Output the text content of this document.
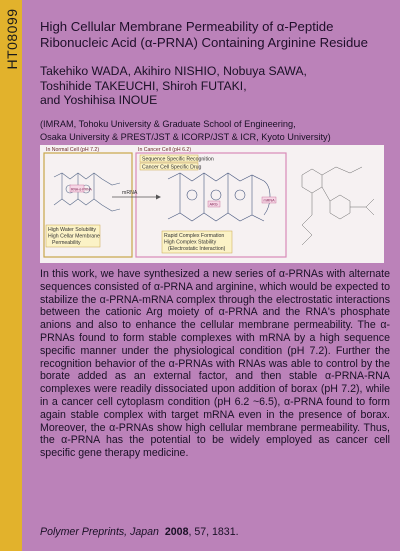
HT08099 High Cellular Membrane Permeability of α-Peptide
Ribonucleic Acid (α-PRNA) Containing Arginine Residue
Takehiko WADA, Akihiro NISHIO, Nobuya SAWA,
Toshihide TAKEUCHI, Shiroh FUTAKI,
and Yoshihisa INOUE
(IMRAM, Tohoku University & Graduate School of Engineering,
Osaka University & PREST/JST & ICORP/JST & ICR, Kyoto University)
In this work, we have synthesized a new series of α-PRNAs with alternate sequences consisted of α-PRNA and arginine, which would be expected to stabilize the α-PRNA-mRNA complex through the electrostatic interactions between the cationic Arg moiety of α-PRNA and the RNA's phosphate anions and also to enhance the cellular membrane permeability. The α-PRNAs found to form stable complexes with mRNA by a high sequence specific manner under the physiological condition (pH 7.2). Further the recognition behavior of the α-PRNAs with RNAs was able to control by the borate added as an external factor, and then stable α-PRNA-RNA complexes were readily dissociated upon addition of borax (pH 7.2), while in a cancer cell cytoplasm condition (pH 6.2 ~6.5), α-PRNA found to form again stable complex with target mRNA even in the presence of borax. Moreover, the α-PRNAs show high cellular membrane permeability. Thus, the α-PRNA has the potential to be widely employed as cancer cell specific gene therapy medicine.
Polymer Preprints, Japan 2008, 57, 1831.
In Normal Cell (pH 7.2)	In Cancer Cell (pH 6.2)
Sequence Specific Recognition
Cancer Cell Specific Drug
RNA-α-PRNA
High Water Solubility
High Cellar Membrane
Permeability
mRNA
ARG
mRNA
Rapid Complex Formation
High Complex Stability
(Electrostatic Interaction)
